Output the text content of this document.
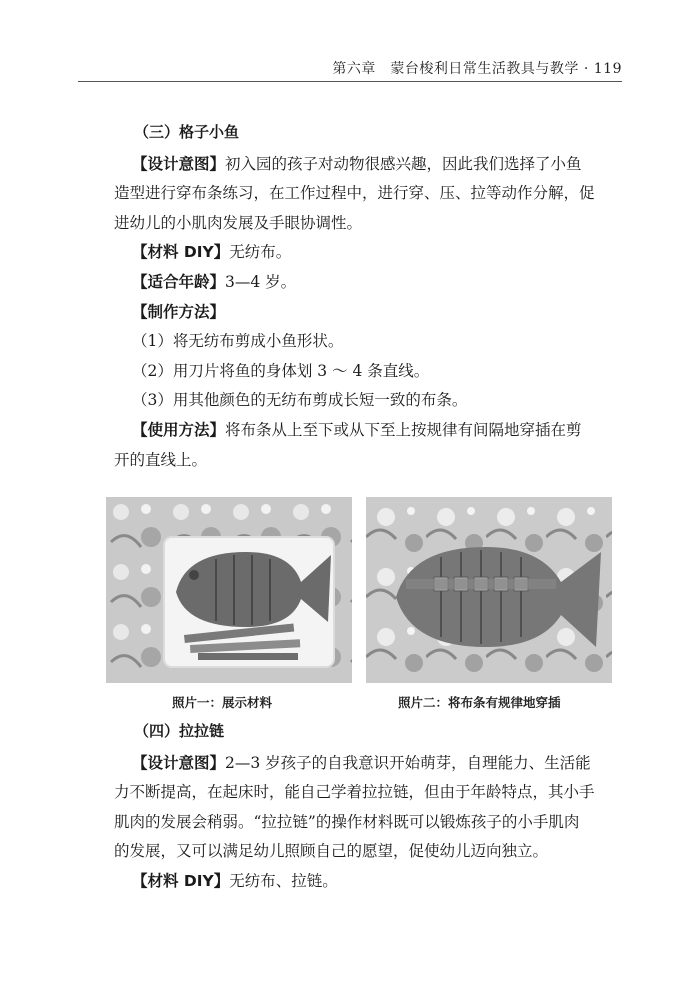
第六章　蒙台梭利日常生活教具与教学 · 119
（三）格子小鱼

【设计意图】初入园的孩子对动物很感兴趣，因此我们选择了小鱼
造型进行穿布条练习，在工作过程中，进行穿、压、拉等动作分解，促
进幼儿的小肌肉发展及手眼协调性。

【材料 DIY】无纺布。

【适合年龄】3—4 岁。

【制作方法】

（1）将无纺布剪成小鱼形状。

（2）用刀片将鱼的身体划 3 ～ 4 条直线。

（3）用其他颜色的无纺布剪成长短一致的布条。

【使用方法】将布条从上至下或从下至上按规律有间隔地穿插在剪
开的直线上。

照片一：展示材料	照片二：将布条有规律地穿插
（四）拉拉链

【设计意图】2—3 岁孩子的自我意识开始萌芽，自理能力、生活能
力不断提高，在起床时，能自己学着拉拉链，但由于年龄特点，其小手
肌肉的发展会稍弱。“拉拉链”的操作材料既可以锻炼孩子的小手肌肉
的发展，又可以满足幼儿照顾自己的愿望，促使幼儿迈向独立。

【材料 DIY】无纺布、拉链。
